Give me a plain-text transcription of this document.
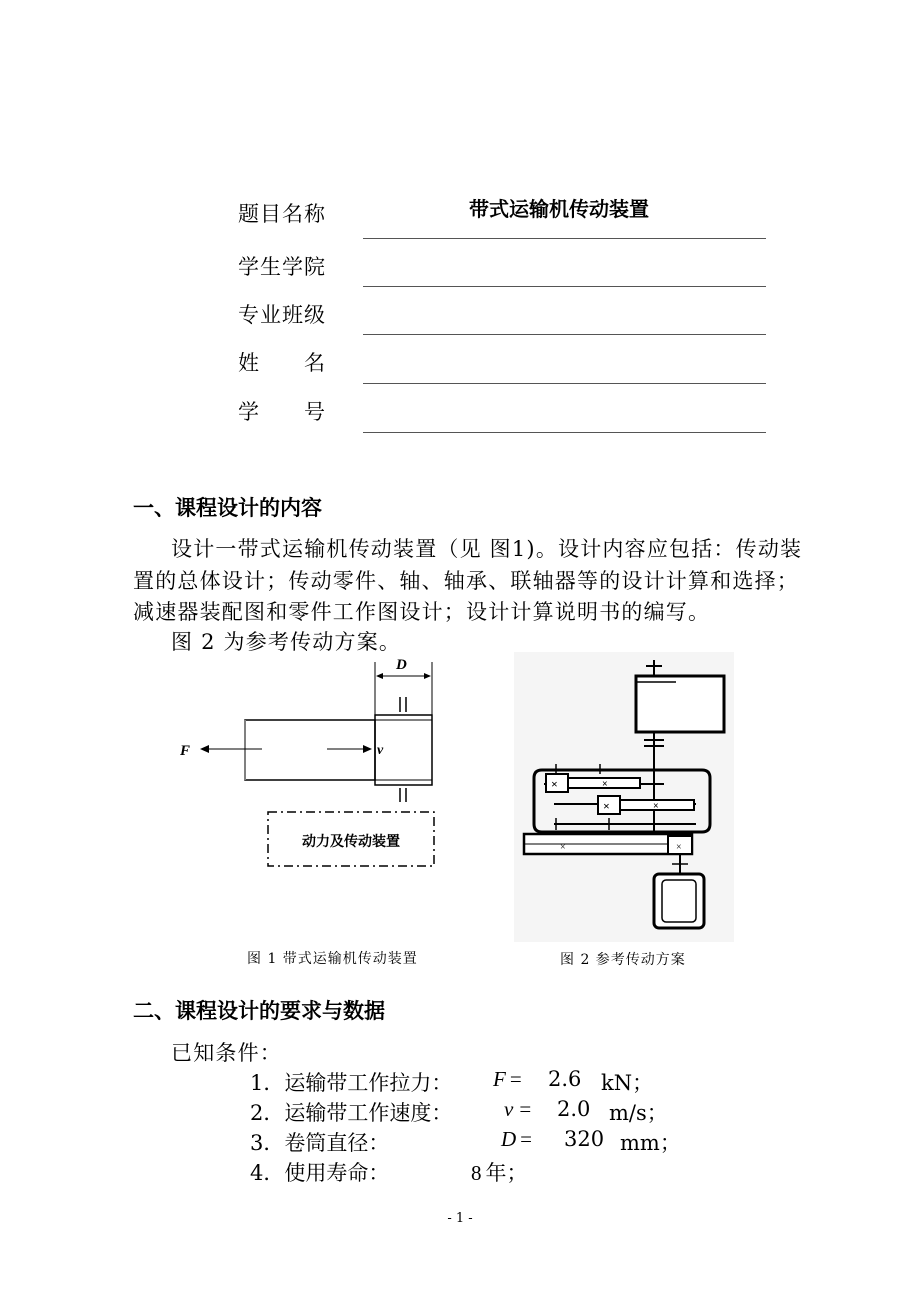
题目名称	带式运输机传动装置
学生学院
专业班级
姓 名
学 号
一、课程设计的内容
设计一带式运输机传动装置（见 图1)。设计内容应包括：传动装
置的总体设计；传动零件、轴、轴承、联轴器等的设计计算和选择；
减速器装配图和零件工作图设计；设计计算说明书的编写。
图 2 为参考传动方案。
D
F	v
动力及传动装置
图 1 带式运输机传动装置
×	×
×	×
×	×
图 2 参考传动方案
二、课程设计的要求与数据
已知条件：
1．运输带工作拉力： F = 2.6 kN；
2．运输带工作速度： v = 2.0 m/s；
3．卷筒直径：	D = 320 mm；
4．使用寿命：	8 年；
- 1 -
